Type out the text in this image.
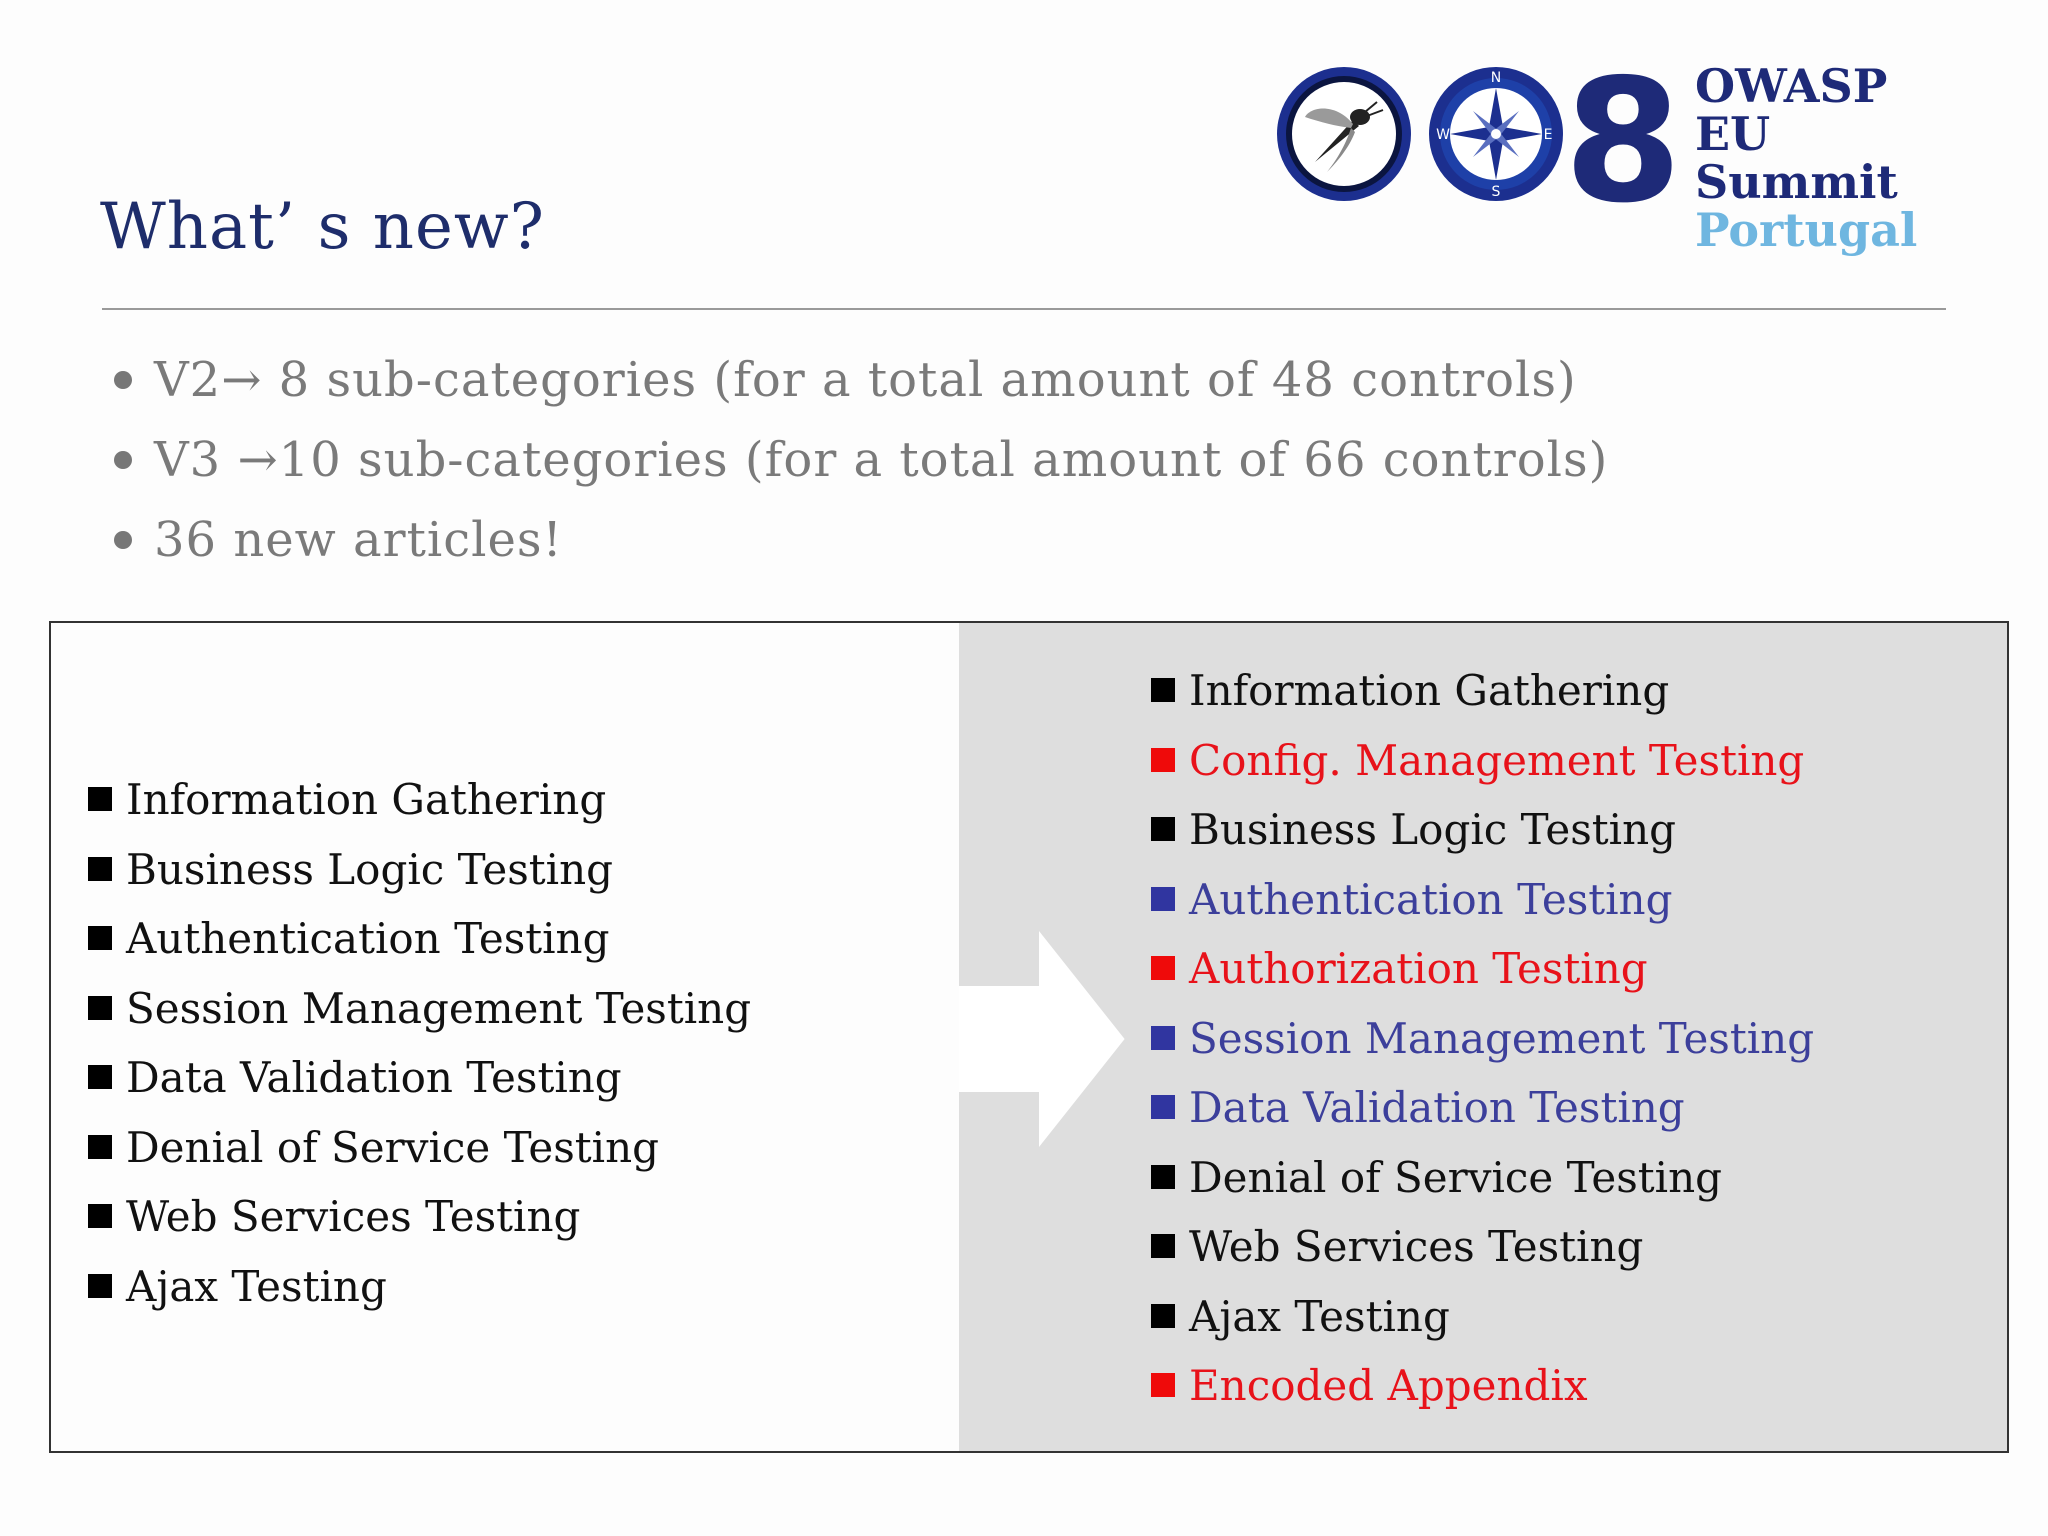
N
S
E
W 8 OWASP
EU Summit
Portugal
What’ s new?
V2→ 8 sub-categories (for a total amount of 48 controls)
V3 →10 sub-categories (for a total amount of 66 controls)
36 new articles!
Information Gathering
Business Logic Testing
Authentication Testing
Session Management Testing
Data Validation Testing
Denial of Service Testing
Web Services Testing
Ajax Testing
Information Gathering
Config. Management Testing
Business Logic Testing
Authentication Testing
Authorization Testing
Session Management Testing
Data Validation Testing
Denial of Service Testing
Web Services Testing
Ajax Testing
Encoded Appendix
